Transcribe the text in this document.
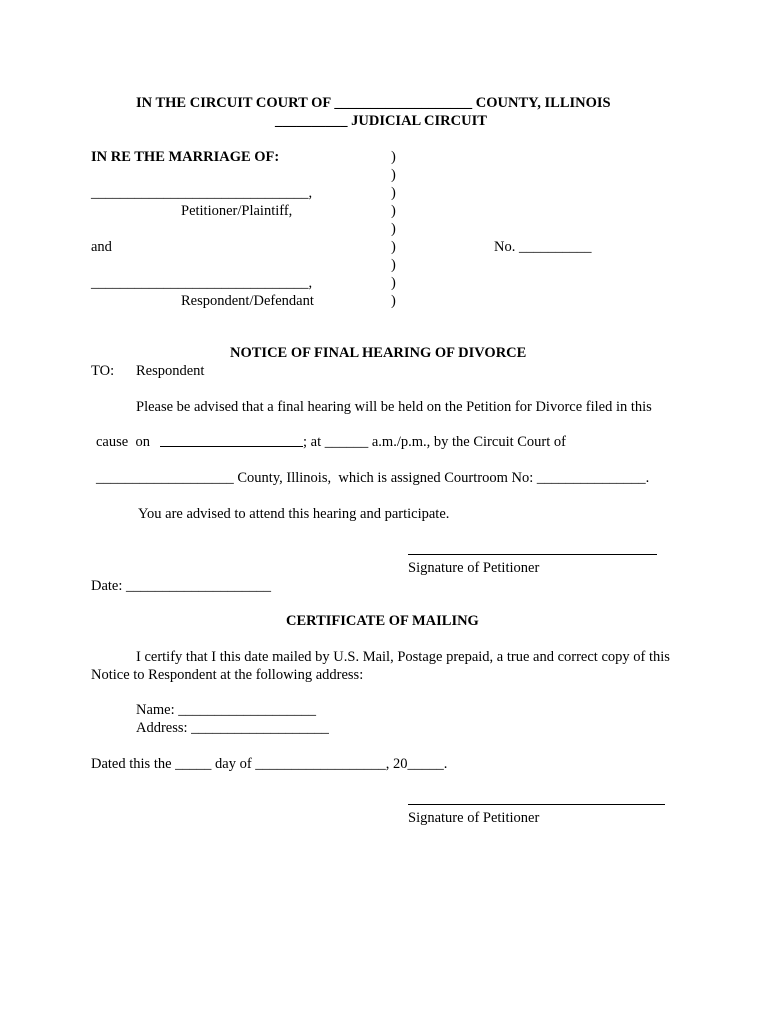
IN THE CIRCUIT COURT OF ___________________ COUNTY, ILLINOIS
__________ JUDICIAL CIRCUIT
IN RE THE MARRIAGE OF:
______________________________,
Petitioner/Plaintiff,
and
______________________________,
Respondent/Defendant
)
)
)
)
)
)
)
)
)
No. __________
NOTICE OF FINAL HEARING OF DIVORCE
TO: Respondent
Please be advised that a final hearing will be held on the Petition for Divorce filed in this
cause  on	; at ______ a.m./p.m., by the Circuit Court of
___________________ County, Illinois,  which is assigned Courtroom No: _______________.
You are advised to attend this hearing and participate.
Signature of Petitioner
Date: ____________________
CERTIFICATE OF MAILING
I certify that I this date mailed by U.S. Mail, Postage prepaid, a true and correct copy of this
Notice to Respondent at the following address:
Name: ___________________
Address: ___________________
Dated this the _____ day of __________________, 20_____.
Signature of Petitioner
